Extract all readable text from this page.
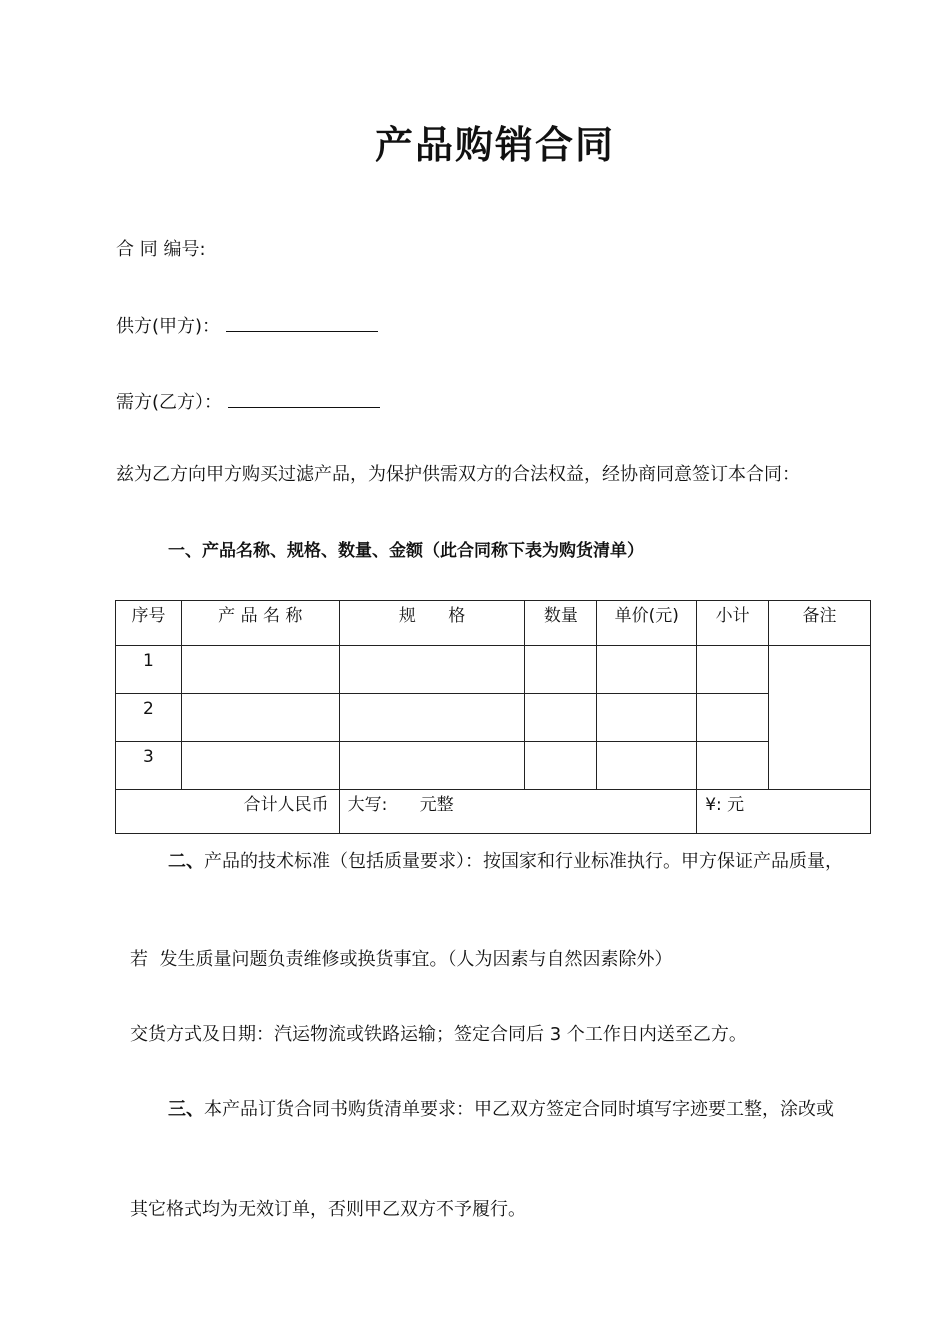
产品购销合同
合 同 编号:
供方(甲方)：
需方(乙方）：
兹为乙方向甲方购买过滤产品，为保护供需双方的合法权益，经协商同意签订本合同：
一、产品名称、规格、数量、金额（此合同称下表为购货清单）
序号	产 品 名 称	规      格	数量	单价(元)	小计	备注
1						
2						
3						
合计人民币		大写:      元整			¥: 元	
二、产品的技术标准（包括质量要求）：按国家和行业标准执行。甲方保证产品质量，
若  发生质量问题负责维修或换货事宜。（人为因素与自然因素除外）
交货方式及日期：汽运物流或铁路运输；签定合同后 3 个工作日内送至乙方。
三、本产品订货合同书购货清单要求：甲乙双方签定合同时填写字迹要工整，涂改或
其它格式均为无效订单，否则甲乙双方不予履行。
